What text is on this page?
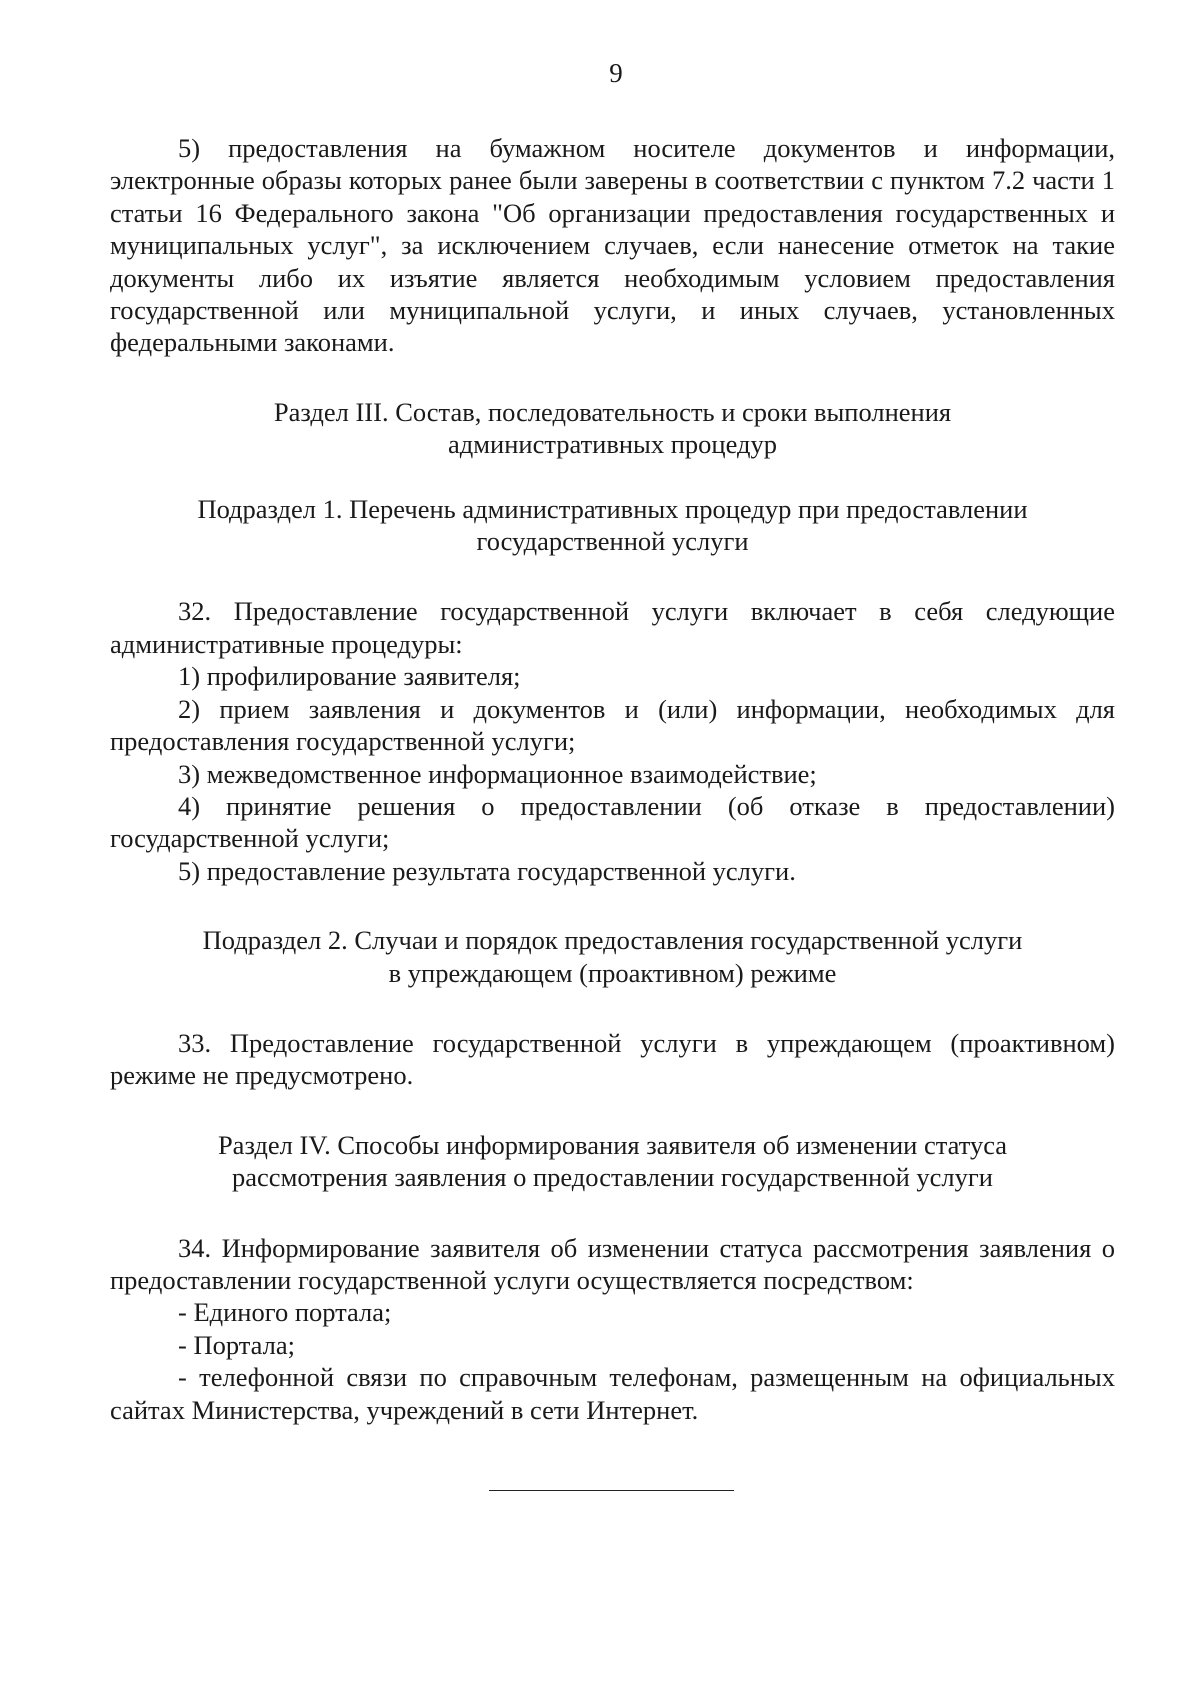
9

5) предоставления на бумажном носителе документов и информации, электронные образы которых ранее были заверены в соответствии с пунктом 7.2 части 1 статьи 16 Федерального закона "Об организации предоставления государственных и муниципальных услуг", за исключением случаев, если нанесение отметок на такие документы либо их изъятие является необходимым условием предоставления государственной или муниципальной услуги, и иных случаев, установленных федеральными законами.

Раздел III. Состав, последовательность и сроки выполнения

административных процедур

Подраздел 1. Перечень административных процедур при предоставлении

государственной услуги

32. Предоставление государственной услуги включает в себя следующие административные процедуры:

1) профилирование заявителя;

2) прием заявления и документов и (или) информации, необходимых для предоставления государственной услуги;

3) межведомственное информационное взаимодействие;

4) принятие решения о предоставлении (об отказе в предоставлении) государственной услуги;

5) предоставление результата государственной услуги.

Подраздел 2. Случаи и порядок предоставления государственной услуги

в упреждающем (проактивном) режиме

33. Предоставление государственной услуги в упреждающем (проактивном) режиме не предусмотрено.

Раздел IV. Способы информирования заявителя об изменении статуса

рассмотрения заявления о предоставлении государственной услуги

34. Информирование заявителя об изменении статуса рассмотрения заявления о предоставлении государственной услуги осуществляется посредством:

- Единого портала;

- Портала;

- телефонной связи по справочным телефонам, размещенным на официальных сайтах Министерства, учреждений в сети Интернет.
